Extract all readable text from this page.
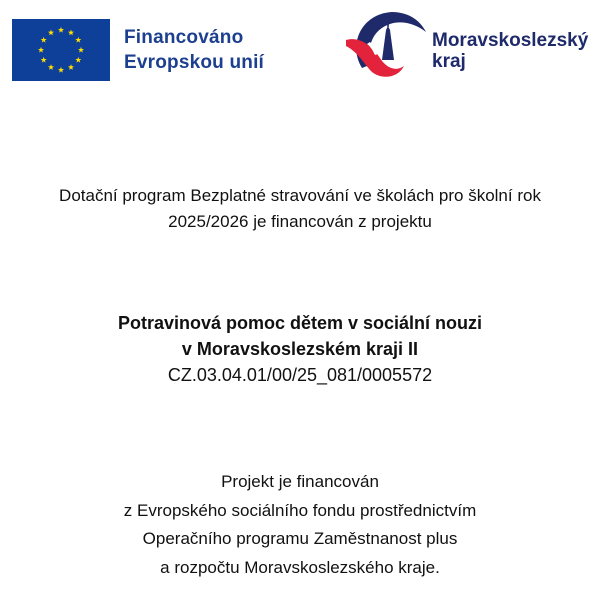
Financováno
Evropskou unií
Moravskoslezský
kraj
Dotační program Bezplatné stravování ve školách pro školní rok
2025/2026 je financován z projektu
Potravinová pomoc dětem v sociální nouzi
v Moravskoslezském kraji II
CZ.03.04.01/00/25_081/0005572
Projekt je financován
z Evropského sociálního fondu prostřednictvím
Operačního programu Zaměstnanost plus
a rozpočtu Moravskoslezského kraje.
